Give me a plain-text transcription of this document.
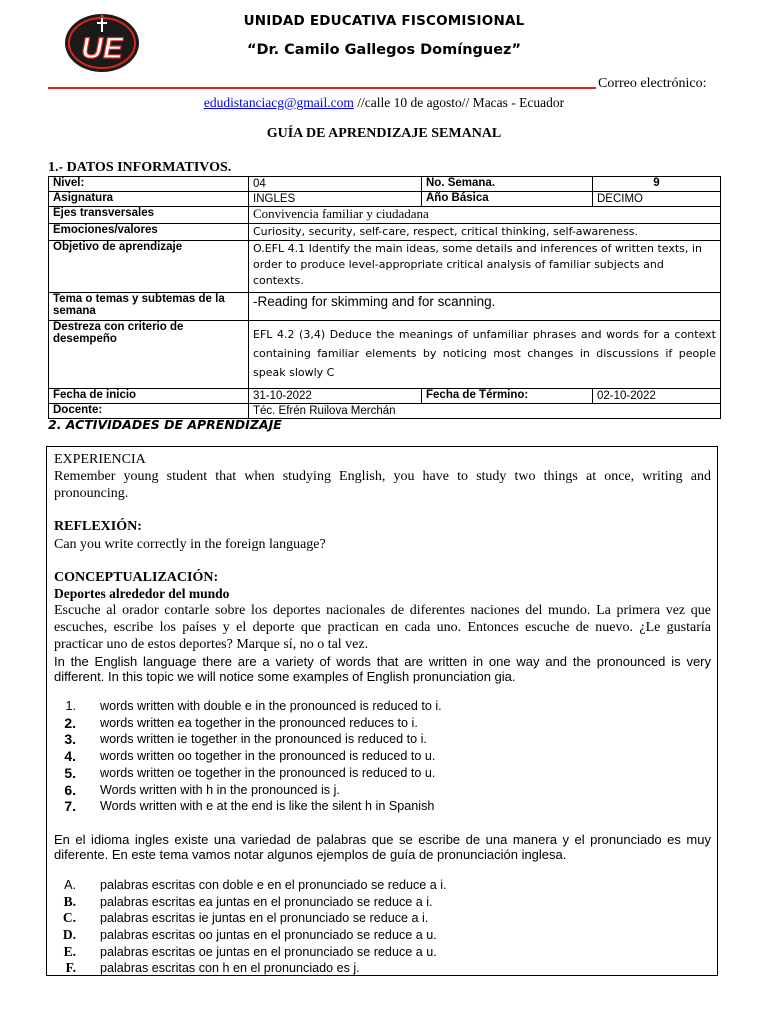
UE
UNIDAD EDUCATIVA FISCOMISIONAL
“Dr. Camilo Gallegos Domínguez”
Correo electrónico:
edudistanciacg@gmail.com //calle 10 de agosto// Macas - Ecuador
GUÍA DE APRENDIZAJE SEMANAL
1.- DATOS INFORMATIVOS.
Nivel:	04	No. Semana.	9
Asignatura	INGLES	Año Básica	DECIMO
Ejes transversales	Convivencia familiar y ciudadana		
Emociones/valores	Curiosity, security, self-care, respect, critical thinking, self-awareness.		
Objetivo de aprendizaje	O.EFL 4.1 Identify the main ideas, some details and inferences of written texts, in order to produce level-appropriate critical analysis of familiar subjects and contexts.		
Tema o temas y subtemas de la semana	-Reading for skimming and for scanning.		
Destreza con criterio de desempeño	EFL 4.2 (3,4) Deduce the meanings of unfamiliar phrases and words for a context containing familiar elements by noticing most changes in discussions if people speak slowly C		
Fecha de inicio	31-10-2022	Fecha de Término:	02-10-2022
Docente:	Téc. Efrén Ruilova Merchán		
2. ACTIVIDADES DE APRENDIZAJE
EXPERIENCIA
Remember young student that when studying English, you have to study two things at once, writing and pronouncing.
REFLEXIÓN:
Can you write correctly in the foreign language?
CONCEPTUALIZACIÓN:
Deportes alrededor del mundo
Escuche al orador contarle sobre los deportes nacionales de diferentes naciones del mundo. La primera vez que escuches, escribe los países y el deporte que practican en cada uno. Entonces escuche de nuevo. ¿Le gustaría practicar uno de estos deportes? Marque sí, no o tal vez.
In the English language there are a variety of words that are written in one way and the pronounced is very different. In this topic we will notice some examples of English pronunciation gia.
1. words written with double e in the pronounced is reduced to i.
2. words written ea together in the pronounced reduces to i.
3. words written ie together in the pronounced is reduced to i.
4. words written oo together in the pronounced is reduced to u.
5. words written oe together in the pronounced is reduced to u.
6. Words written with h in the pronounced is j.
7. Words written with e at the end is like the silent h in Spanish
En el idioma ingles existe una variedad de palabras que se escribe de una manera y el pronunciado es muy diferente. En este tema vamos notar algunos ejemplos de guía de pronunciación inglesa.
A. palabras escritas con doble e en el pronunciado se reduce a i.
B. palabras escritas ea juntas en el pronunciado se reduce a i.
C. palabras escritas ie juntas en el pronunciado se reduce a i.
D. palabras escritas oo juntas en el pronunciado se reduce a u.
E. palabras escritas oe juntas en el pronunciado se reduce a u.
F. palabras escritas con h en el pronunciado es j.
